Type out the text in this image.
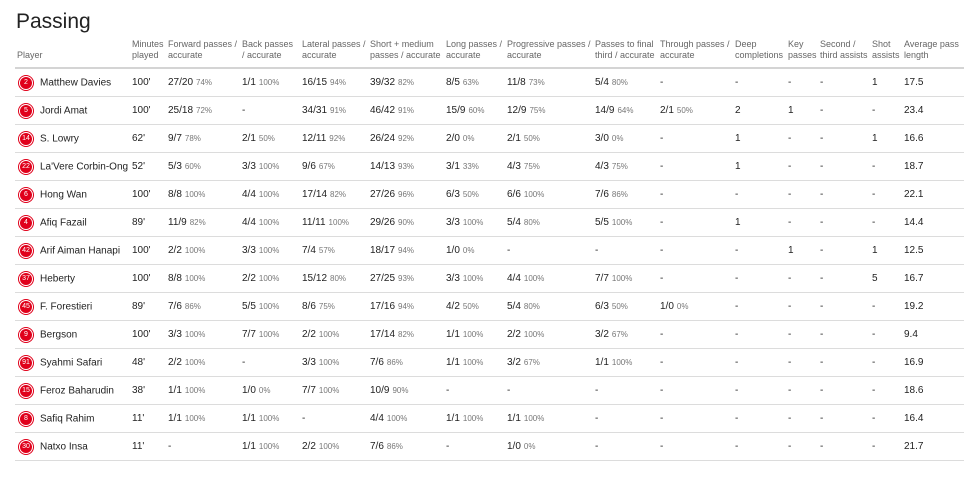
Passing
Player	Minutes played	Forward passes / accurate	Back passes / accurate	Lateral passes / accurate	Short + medium passes / accurate	Long passes / accurate	Progressive passes / accurate	Passes to final third / accurate	Through passes / accurate	Deep completions	Key passes	Second / third assists	Shot assists	Average pass length
2 Matthew Davies	100'	27/20 74%	1/1 100%	16/15 94%	39/32 82%	8/5 63%	11/8 73%	5/4 80%	-	-	-	-	1	17.5
5 Jordi Amat	100'	25/18 72%	-	34/31 91%	46/42 91%	15/9 60%	12/9 75%	14/9 64%	2/1 50%	2	1	-	-	23.4
14 S. Lowry	62'	9/7 78%	2/1 50%	12/11 92%	26/24 92%	2/0 0%	2/1 50%	3/0 0%	-	1	-	-	1	16.6
22 La'Vere Corbin-Ong	52'	5/3 60%	3/3 100%	9/6 67%	14/13 93%	3/1 33%	4/3 75%	4/3 75%	-	1	-	-	-	18.7
6 Hong Wan	100'	8/8 100%	4/4 100%	17/14 82%	27/26 96%	6/3 50%	6/6 100%	7/6 86%	-	-	-	-	-	22.1
4 Afiq Fazail	89'	11/9 82%	4/4 100%	11/11 100%	29/26 90%	3/3 100%	5/4 80%	5/5 100%	-	1	-	-	-	14.4
42 Arif Aiman Hanapi	100'	2/2 100%	3/3 100%	7/4 57%	18/17 94%	1/0 0%	-	-	-	-	1	-	1	12.5
37 Heberty	100'	8/8 100%	2/2 100%	15/12 80%	27/25 93%	3/3 100%	4/4 100%	7/7 100%	-	-	-	-	5	16.7
45 F. Forestieri	89'	7/6 86%	5/5 100%	8/6 75%	17/16 94%	4/2 50%	5/4 80%	6/3 50%	1/0 0%	-	-	-	-	19.2
9 Bergson	100'	3/3 100%	7/7 100%	2/2 100%	17/14 82%	1/1 100%	2/2 100%	3/2 67%	-	-	-	-	-	9.4
91 Syahmi Safari	48'	2/2 100%	-	3/3 100%	7/6 86%	1/1 100%	3/2 67%	1/1 100%	-	-	-	-	-	16.9
15 Feroz Baharudin	38'	1/1 100%	1/0 0%	7/7 100%	10/9 90%	-	-	-	-	-	-	-	-	18.6
8 Safiq Rahim	11'	1/1 100%	1/1 100%	-	4/4 100%	1/1 100%	1/1 100%	-	-	-	-	-	-	16.4
30 Natxo Insa	11'	-	1/1 100%	2/2 100%	7/6 86%	-	1/0 0%	-	-	-	-	-	-	21.7
